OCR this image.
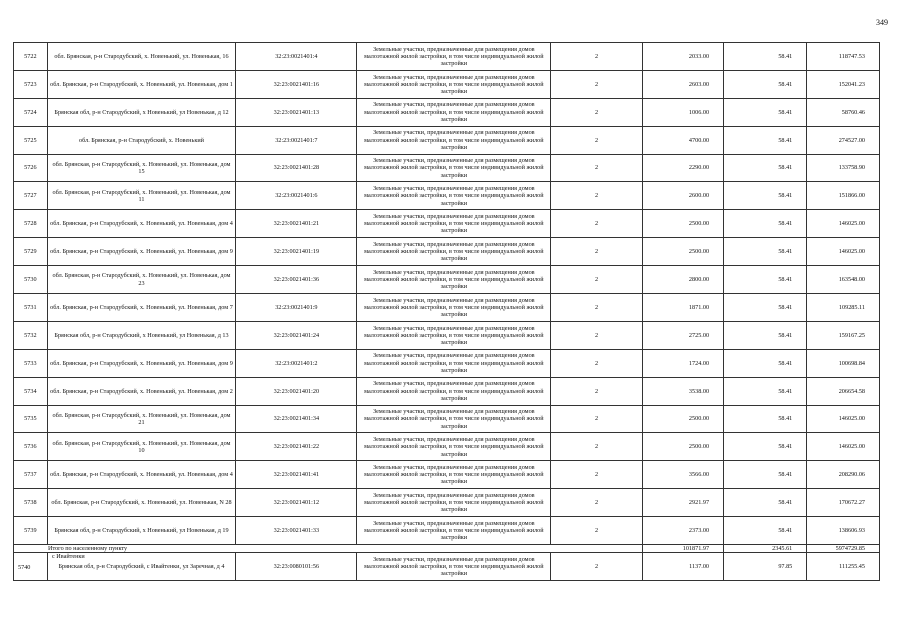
349
5722	обл. Брянская, р-н Стародубский, х. Новенький, ул. Новенькая, 16	32:23:0021401:4	Земельные участки, предназначенные для размещения домов малоэтажной жилой застройки, в том числе индивидуальной жилой застройки	2	2033.00	58.41	118747.53
5723	обл. Брянская, р-н Стародубский, х. Новенький, ул. Новенькая, дом 1	32:23:0021401:16	Земельные участки, предназначенные для размещения домов малоэтажной жилой застройки, в том числе индивидуальной жилой застройки	2	2603.00	58.41	152041.23
5724	Брянская обл, р-н Стародубский, х Новенький, ул Новенькая, д 12	32:23:0021401:13	Земельные участки, предназначенные для размещения домов малоэтажной жилой застройки, в том числе индивидуальной жилой застройки	2	1006.00	58.41	58760.46
5725	обл. Брянская, р-н Стародубский, х. Новенький	32:23:0021401:7	Земельные участки, предназначенные для размещения домов малоэтажной жилой застройки, в том числе индивидуальной жилой застройки	2	4700.00	58.41	274527.00
5726	обл. Брянская, р-н Стародубский, х. Новенький, ул. Новенькая, дом 15	32:23:0021401:28	Земельные участки, предназначенные для размещения домов малоэтажной жилой застройки, в том числе индивидуальной жилой застройки	2	2290.00	58.41	133758.90
5727	обл. Брянская, р-н Стародубский, х. Новенький, ул. Новенькая, дом 11	32:23:0021401:6	Земельные участки, предназначенные для размещения домов малоэтажной жилой застройки, в том числе индивидуальной жилой застройки	2	2600.00	58.41	151866.00
5728	обл. Брянская, р-н Стародубский, х. Новенький, ул. Новенькая, дом 4	32:23:0021401:21	Земельные участки, предназначенные для размещения домов малоэтажной жилой застройки, в том числе индивидуальной жилой застройки	2	2500.00	58.41	146025.00
5729	обл. Брянская, р-н Стародубский, х. Новенький, ул. Новенькая, дом 9	32:23:0021401:19	Земельные участки, предназначенные для размещения домов малоэтажной жилой застройки, в том числе индивидуальной жилой застройки	2	2500.00	58.41	146025.00
5730	обл. Брянская, р-н Стародубский, х. Новенький, ул. Новенькая, дом 23	32:23:0021401:36	Земельные участки, предназначенные для размещения домов малоэтажной жилой застройки, в том числе индивидуальной жилой застройки	2	2800.00	58.41	163548.00
5731	обл. Брянская, р-н Стародубский, х. Новенький, ул. Новенькая, дом 7	32:23:0021401:9	Земельные участки, предназначенные для размещения домов малоэтажной жилой застройки, в том числе индивидуальной жилой застройки	2	1871.00	58.41	109285.11
5732	Брянская обл, р-н Стародубский, х Новенький, ул Новенькая, д 13	32:23:0021401:24	Земельные участки, предназначенные для размещения домов малоэтажной жилой застройки, в том числе индивидуальной жилой застройки	2	2725.00	58.41	159167.25
5733	обл. Брянская, р-н Стародубский, х. Новенький, ул. Новенькая, дом 9	32:23:0021401:2	Земельные участки, предназначенные для размещения домов малоэтажной жилой застройки, в том числе индивидуальной жилой застройки	2	1724.00	58.41	100698.84
5734	обл. Брянская, р-н Стародубский, х. Новенький, ул. Новенькая, дом 2	32:23:0021401:20	Земельные участки, предназначенные для размещения домов малоэтажной жилой застройки, в том числе индивидуальной жилой застройки	2	3538.00	58.41	206654.58
5735	обл. Брянская, р-н Стародубский, х. Новенький, ул. Новенькая, дом 21	32:23:0021401:34	Земельные участки, предназначенные для размещения домов малоэтажной жилой застройки, в том числе индивидуальной жилой застройки	2	2500.00	58.41	146025.00
5736	обл. Брянская, р-н Стародубский, х. Новенький, ул. Новенькая, дом 10	32:23:0021401:22	Земельные участки, предназначенные для размещения домов малоэтажной жилой застройки, в том числе индивидуальной жилой застройки	2	2500.00	58.41	146025.00
5737	обл. Брянская, р-н Стародубский, х. Новенький, ул. Новенькая, дом 4	32:23:0021401:41	Земельные участки, предназначенные для размещения домов малоэтажной жилой застройки, в том числе индивидуальной жилой застройки	2	3566.00	58.41	208290.06
5738	обл. Брянская, р-н Стародубский, х. Новенький, ул. Новенькая, N 28	32:23:0021401:12	Земельные участки, предназначенные для размещения домов малоэтажной жилой застройки, в том числе индивидуальной жилой застройки	2	2921.97	58.41	170672.27
5739	Брянская обл, р-н Стародубский, х Новенький, ул Новенькая, д 19	32:23:0021401:33	Земельные участки, предназначенные для размещения домов малоэтажной жилой застройки, в том числе индивидуальной жилой застройки	2	2373.00	58.41	138606.93
Итого по населенному пункту					101871.97	2345.61	5974729.85

с Ивайтенки
5740	Брянская обл, р-н Стародубский, с Ивайтенки, ул Заречная, д 4	32:23:0080101:56	Земельные участки, предназначенные для размещения домов малоэтажной жилой застройки, в том числе индивидуальной жилой застройки	2	1137.00	97.85	111255.45
